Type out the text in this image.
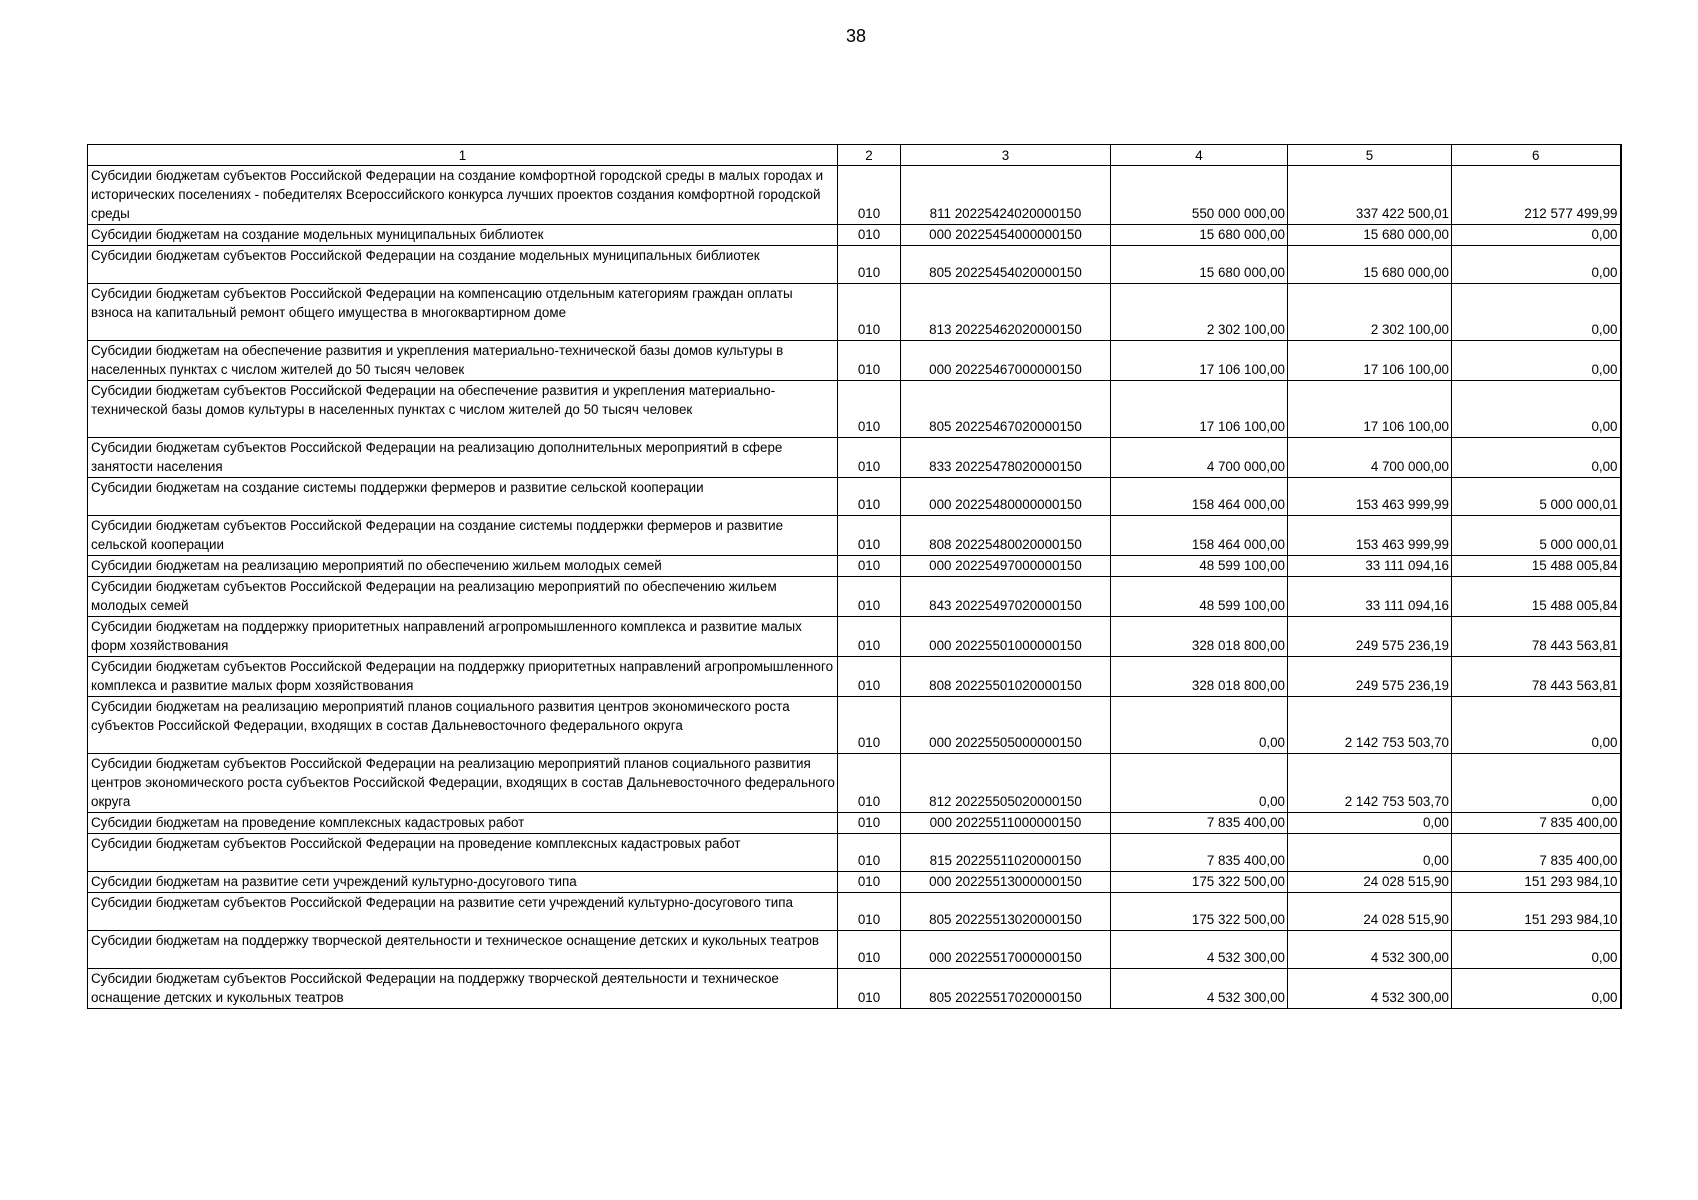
38
1	2	3	4	5	6
Субсидии бюджетам субъектов Российской Федерации на создание комфортной городской среды в малых городах и исторических поселениях - победителях Всероссийского конкурса лучших проектов создания комфортной городской среды	010	811 20225424020000150	550 000 000,00	337 422 500,01	212 577 499,99
Субсидии бюджетам на создание модельных муниципальных библиотек	010	000 20225454000000150	15 680 000,00	15 680 000,00	0,00
Субсидии бюджетам субъектов Российской Федерации на создание модельных муниципальных библиотек	010	805 20225454020000150	15 680 000,00	15 680 000,00	0,00
Субсидии бюджетам субъектов Российской Федерации на компенсацию отдельным категориям граждан оплаты взноса на капитальный ремонт общего имущества в многоквартирном доме	010	813 20225462020000150	2 302 100,00	2 302 100,00	0,00
Субсидии бюджетам на обеспечение развития и укрепления материально-технической базы домов культуры в населенных пунктах с числом жителей до 50 тысяч человек	010	000 20225467000000150	17 106 100,00	17 106 100,00	0,00
Субсидии бюджетам субъектов Российской Федерации на обеспечение развития и укрепления материально-технической базы домов культуры в населенных пунктах с числом жителей до 50 тысяч человек	010	805 20225467020000150	17 106 100,00	17 106 100,00	0,00
Субсидии бюджетам субъектов Российской Федерации на реализацию дополнительных мероприятий в сфере занятости населения	010	833 20225478020000150	4 700 000,00	4 700 000,00	0,00
Субсидии бюджетам на создание системы поддержки фермеров и развитие сельской кооперации	010	000 20225480000000150	158 464 000,00	153 463 999,99	5 000 000,01
Субсидии бюджетам субъектов Российской Федерации на создание системы поддержки фермеров и развитие сельской кооперации	010	808 20225480020000150	158 464 000,00	153 463 999,99	5 000 000,01
Субсидии бюджетам на реализацию мероприятий по обеспечению жильем молодых семей	010	000 20225497000000150	48 599 100,00	33 111 094,16	15 488 005,84
Субсидии бюджетам субъектов Российской Федерации на реализацию мероприятий по обеспечению жильем молодых семей	010	843 20225497020000150	48 599 100,00	33 111 094,16	15 488 005,84
Субсидии бюджетам на поддержку приоритетных направлений агропромышленного комплекса и развитие малых форм хозяйствования	010	000 20225501000000150	328 018 800,00	249 575 236,19	78 443 563,81
Субсидии бюджетам субъектов Российской Федерации на поддержку приоритетных направлений агропромышленного комплекса и развитие малых форм хозяйствования	010	808 20225501020000150	328 018 800,00	249 575 236,19	78 443 563,81
Субсидии бюджетам на реализацию мероприятий планов социального развития центров экономического роста субъектов Российской Федерации, входящих в состав Дальневосточного федерального округа	010	000 20225505000000150	0,00	2 142 753 503,70	0,00
Субсидии бюджетам субъектов Российской Федерации на реализацию мероприятий планов социального развития центров экономического роста субъектов Российской Федерации, входящих в состав Дальневосточного федерального округа	010	812 20225505020000150	0,00	2 142 753 503,70	0,00
Субсидии бюджетам на проведение комплексных кадастровых работ	010	000 20225511000000150	7 835 400,00	0,00	7 835 400,00
Субсидии бюджетам субъектов Российской Федерации на проведение комплексных кадастровых работ	010	815 20225511020000150	7 835 400,00	0,00	7 835 400,00
Субсидии бюджетам на развитие сети учреждений культурно-досугового типа	010	000 20225513000000150	175 322 500,00	24 028 515,90	151 293 984,10
Субсидии бюджетам субъектов Российской Федерации на развитие сети учреждений культурно-досугового типа	010	805 20225513020000150	175 322 500,00	24 028 515,90	151 293 984,10
Субсидии бюджетам на поддержку творческой деятельности и техническое оснащение детских и кукольных театров	010	000 20225517000000150	4 532 300,00	4 532 300,00	0,00
Субсидии бюджетам субъектов Российской Федерации на поддержку творческой деятельности и техническое оснащение детских и кукольных театров	010	805 20225517020000150	4 532 300,00	4 532 300,00	0,00
